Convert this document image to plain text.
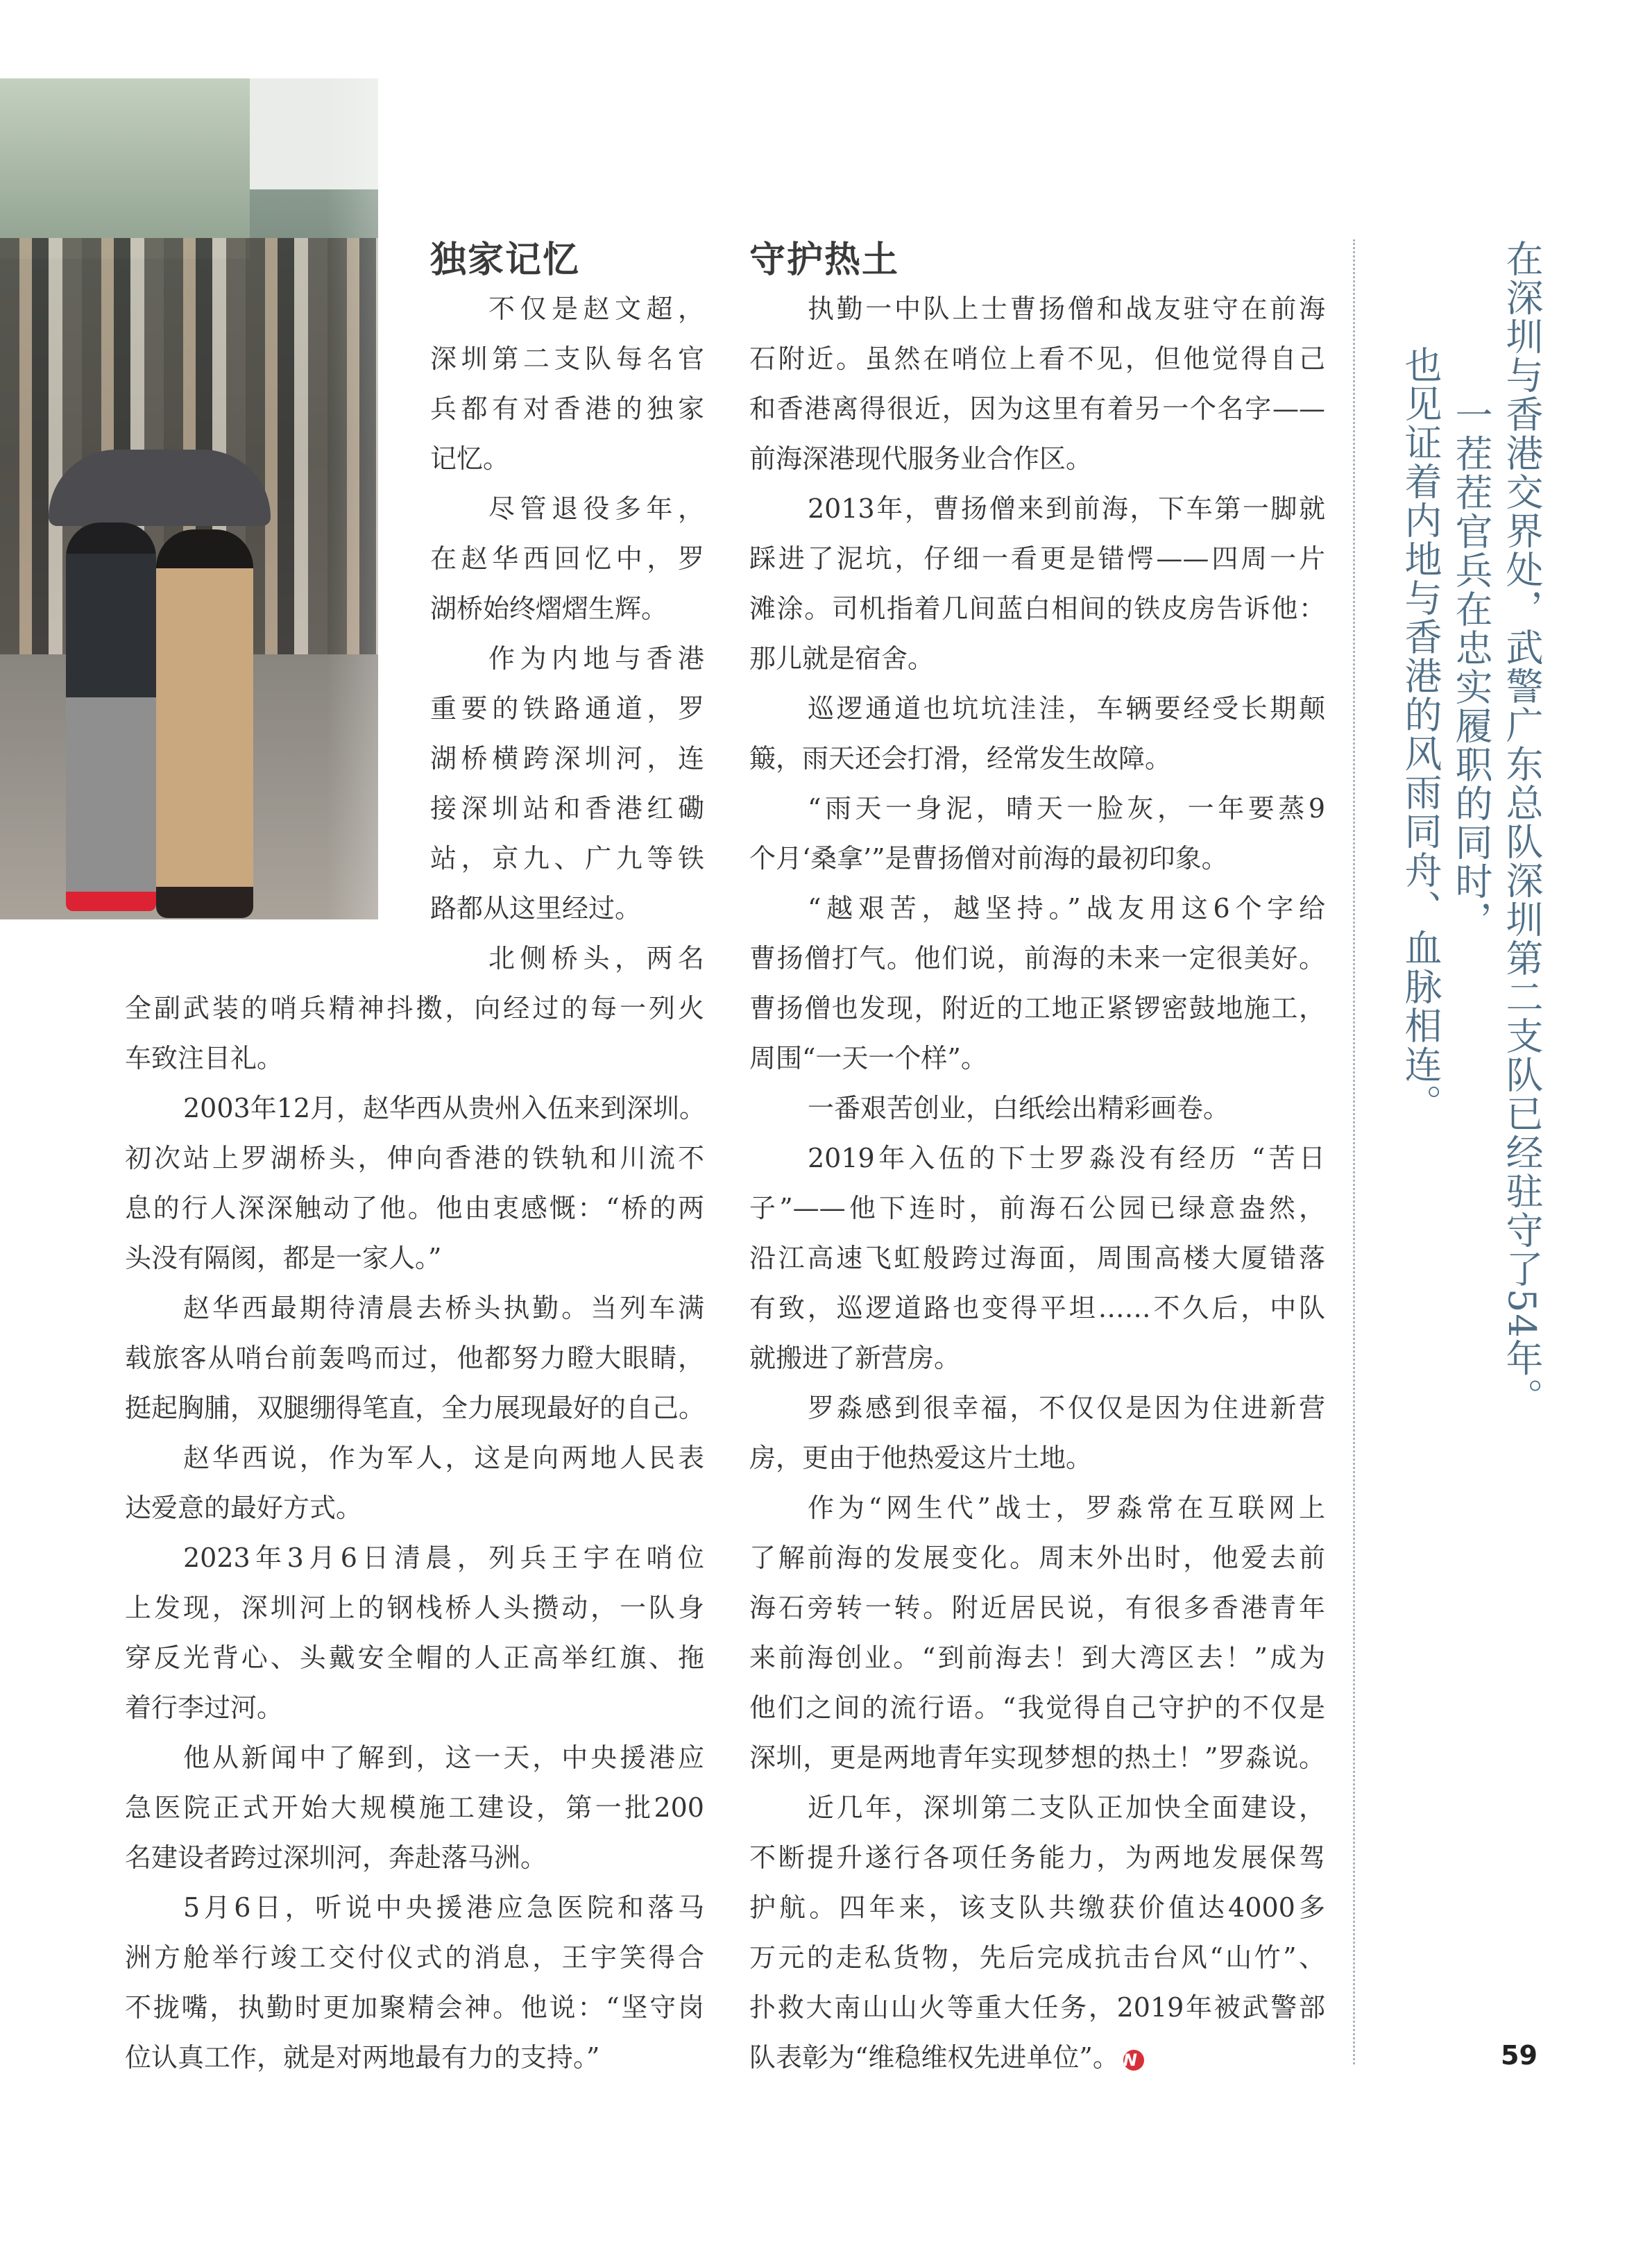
独家记忆	守护热土
不仅是赵文超，
深圳第二支队每名官
兵都有对香港的独家
记忆。
尽管退役多年，
在赵华西回忆中，罗
湖桥始终熠熠生辉。
作为内地与香港
重要的铁路通道，罗
湖桥横跨深圳河，连
接深圳站和香港红磡
站，京九、广九等铁
路都从这里经过。
北侧桥头，两名
全副武装的哨兵精神抖擞，向经过的每一列火
车致注目礼。
2003年12月，赵华西从贵州入伍来到深圳。
初次站上罗湖桥头，伸向香港的铁轨和川流不
息的行人深深触动了他。他由衷感慨：“桥的两
头没有隔阂，都是一家人。”
赵华西最期待清晨去桥头执勤。当列车满
载旅客从哨台前轰鸣而过，他都努力瞪大眼睛，
挺起胸脯，双腿绷得笔直，全力展现最好的自己。
赵华西说，作为军人，这是向两地人民表
达爱意的最好方式。
2023年3月6日清晨，列兵王宇在哨位
上发现，深圳河上的钢栈桥人头攒动，一队身
穿反光背心、头戴安全帽的人正高举红旗、拖
着行李过河。
他从新闻中了解到，这一天，中央援港应
急医院正式开始大规模施工建设，第一批200
名建设者跨过深圳河，奔赴落马洲。
5月6日，听说中央援港应急医院和落马
洲方舱举行竣工交付仪式的消息，王宇笑得合
不拢嘴，执勤时更加聚精会神。他说：“坚守岗
位认真工作，就是对两地最有力的支持。”
执勤一中队上士曹扬僧和战友驻守在前海
石附近。虽然在哨位上看不见，但他觉得自己
和香港离得很近，因为这里有着另一个名字——
前海深港现代服务业合作区。
2013年，曹扬僧来到前海，下车第一脚就
踩进了泥坑，仔细一看更是错愕——四周一片
滩涂。司机指着几间蓝白相间的铁皮房告诉他：
那儿就是宿舍。
巡逻通道也坑坑洼洼，车辆要经受长期颠
簸，雨天还会打滑，经常发生故障。
“雨天一身泥，晴天一脸灰，一年要蒸9
个月‘桑拿’”是曹扬僧对前海的最初印象。
“越艰苦，越坚持。”战友用这6个字给
曹扬僧打气。他们说，前海的未来一定很美好。
曹扬僧也发现，附近的工地正紧锣密鼓地施工，
周围“一天一个样”。
一番艰苦创业，白纸绘出精彩画卷。
2019年入伍的下士罗淼没有经历 “苦日
子”——他下连时，前海石公园已绿意盎然，
沿江高速飞虹般跨过海面，周围高楼大厦错落
有致，巡逻道路也变得平坦……不久后，中队
就搬进了新营房。
罗淼感到很幸福，不仅仅是因为住进新营
房，更由于他热爱这片土地。
作为“网生代”战士，罗淼常在互联网上
了解前海的发展变化。周末外出时，他爱去前
海石旁转一转。附近居民说，有很多香港青年
来前海创业。“到前海去！到大湾区去！”成为
他们之间的流行语。“我觉得自己守护的不仅是
深圳，更是两地青年实现梦想的热土！”罗淼说。
近几年，深圳第二支队正加快全面建设，
不断提升遂行各项任务能力，为两地发展保驾
护航。四年来，该支队共缴获价值达4000多
万元的走私货物，先后完成抗击台风“山竹”、
扑救大南山山火等重大任务，2019年被武警部
队表彰为“维稳维权先进单位”。 N
在深圳与香港交界处，武警广东总队深圳第二支队已经驻守了54年。
一茬茬官兵在忠实履职的同时，
也见证着内地与香港的风雨同舟、血脉相连。
59
